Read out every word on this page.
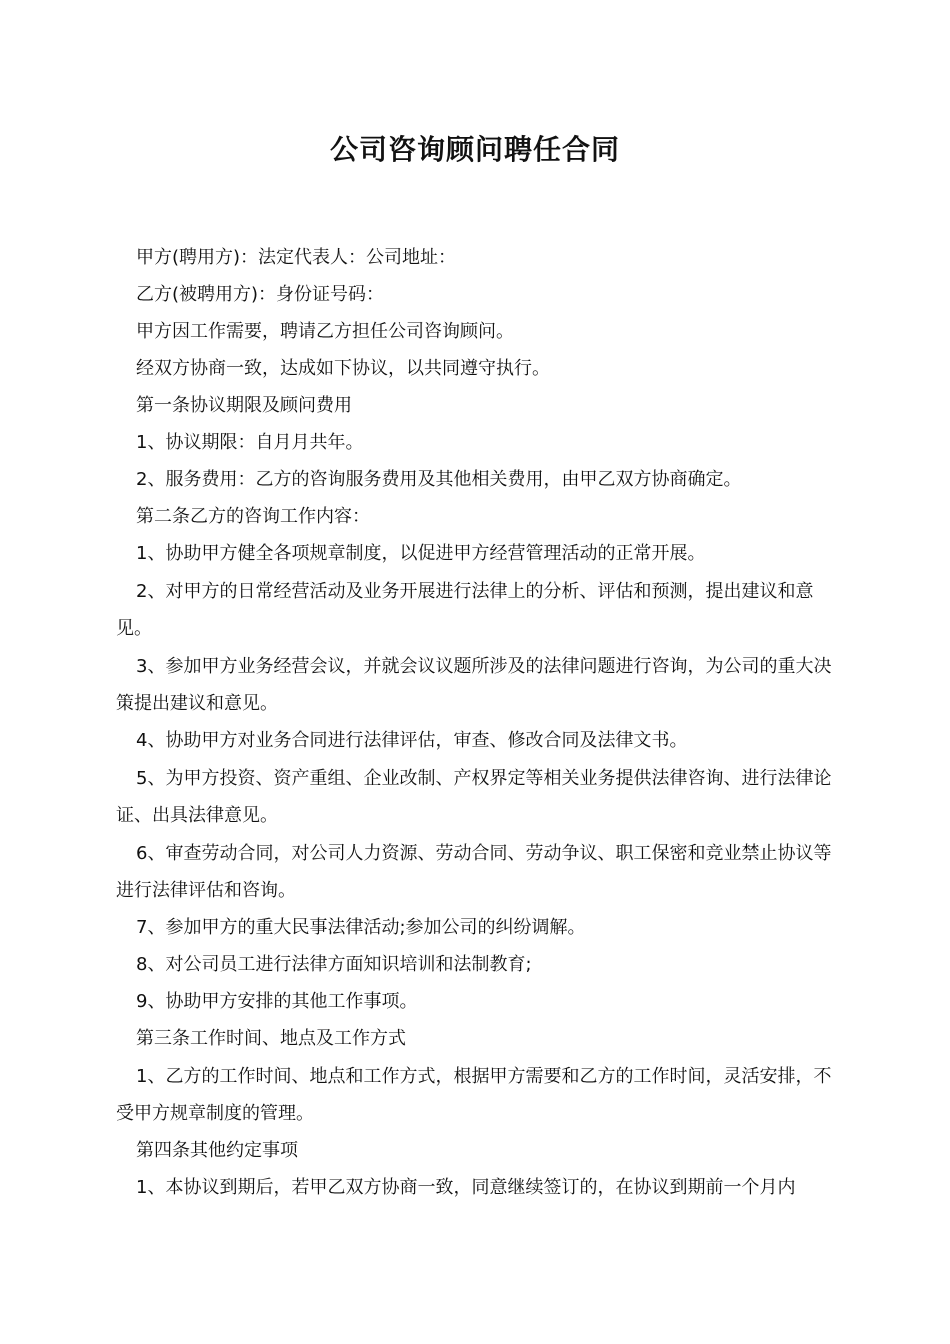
公司咨询顾问聘任合同

甲方(聘用方)：法定代表人：公司地址：

乙方(被聘用方)：身份证号码：

甲方因工作需要，聘请乙方担任公司咨询顾问。

经双方协商一致，达成如下协议，以共同遵守执行。

第一条协议期限及顾问费用

1、协议期限：自月月共年。

2、服务费用：乙方的咨询服务费用及其他相关费用，由甲乙双方协商确定。

第二条乙方的咨询工作内容：

1、协助甲方健全各项规章制度，以促进甲方经营管理活动的正常开展。

2、对甲方的日常经营活动及业务开展进行法律上的分析、评估和预测，提出建议和意见。

3、参加甲方业务经营会议，并就会议议题所涉及的法律问题进行咨询，为公司的重大决策提出建议和意见。

4、协助甲方对业务合同进行法律评估，审查、修改合同及法律文书。

5、为甲方投资、资产重组、企业改制、产权界定等相关业务提供法律咨询、进行法律论证、出具法律意见。

6、审查劳动合同，对公司人力资源、劳动合同、劳动争议、职工保密和竞业禁止协议等进行法律评估和咨询。

7、参加甲方的重大民事法律活动;参加公司的纠纷调解。

8、对公司员工进行法律方面知识培训和法制教育;

9、协助甲方安排的其他工作事项。

第三条工作时间、地点及工作方式

1、乙方的工作时间、地点和工作方式，根据甲方需要和乙方的工作时间，灵活安排，不受甲方规章制度的管理。

第四条其他约定事项

1、本协议到期后，若甲乙双方协商一致，同意继续签订的，在协议到期前一个月内
